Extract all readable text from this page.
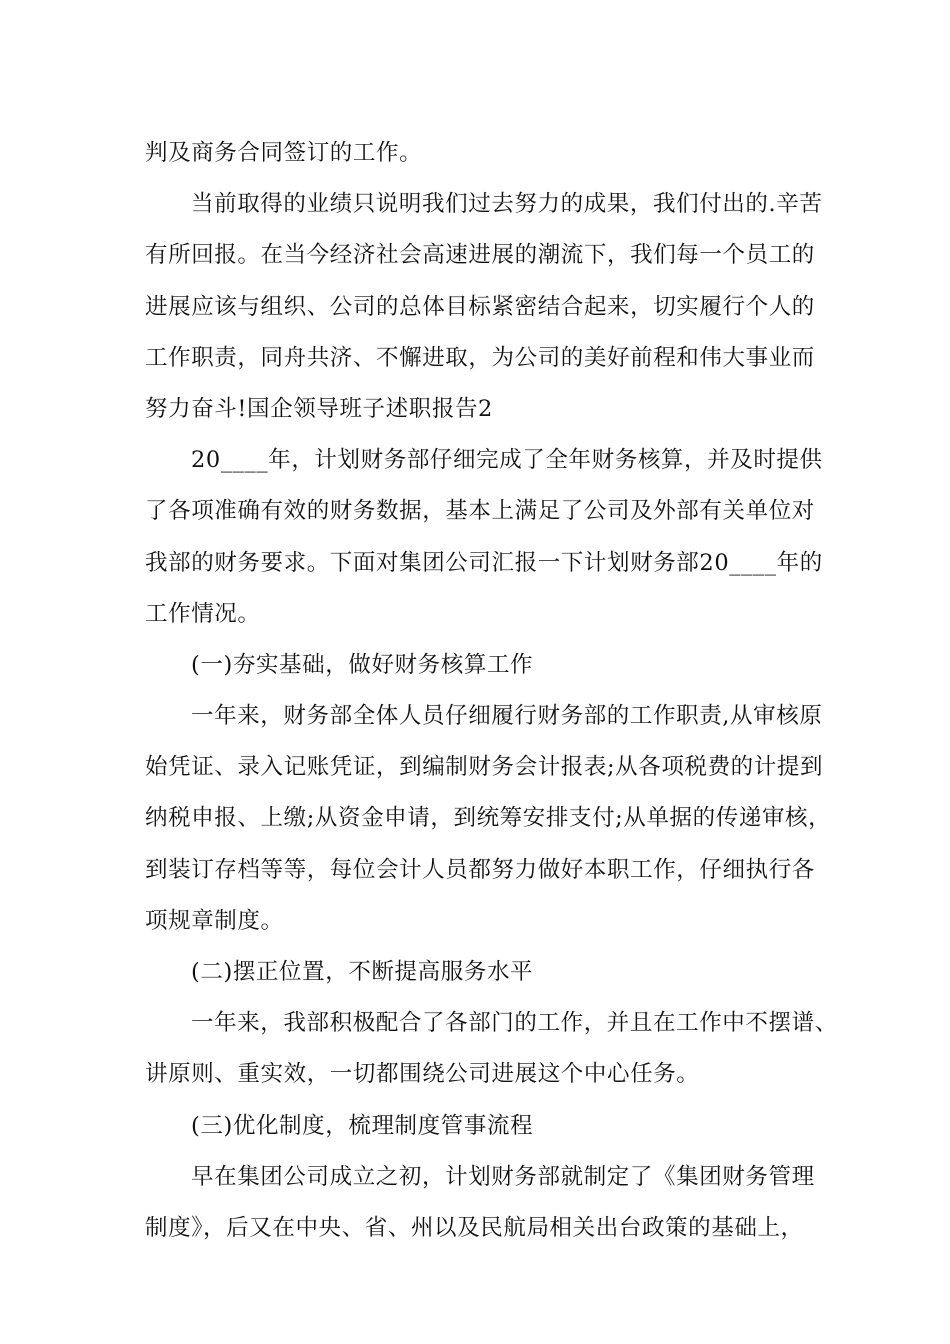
判及商务合同签订的工作。
当前取得的业绩只说明我们过去努力的成果，我们付出的.辛苦
有所回报。在当今经济社会高速进展的潮流下，我们每一个员工的
进展应该与组织、公司的总体目标紧密结合起来，切实履行个人的
工作职责，同舟共济、不懈进取，为公司的美好前程和伟大事业而
努力奋斗!国企领导班子述职报告2
20____年，计划财务部仔细完成了全年财务核算，并及时提供
了各项准确有效的财务数据，基本上满足了公司及外部有关单位对
我部的财务要求。下面对集团公司汇报一下计划财务部20____年的
工作情况。
(一)夯实基础，做好财务核算工作
一年来，财务部全体人员仔细履行财务部的工作职责,从审核原
始凭证、录入记账凭证，到编制财务会计报表;从各项税费的计提到
纳税申报、上缴;从资金申请，到统筹安排支付;从单据的传递审核，
到装订存档等等，每位会计人员都努力做好本职工作，仔细执行各
项规章制度。
(二)摆正位置，不断提高服务水平
一年来，我部积极配合了各部门的工作，并且在工作中不摆谱、
讲原则、重实效，一切都围绕公司进展这个中心任务。
(三)优化制度，梳理制度管事流程
早在集团公司成立之初，计划财务部就制定了《集团财务管理
制度》，后又在中央、省、州以及民航局相关出台政策的基础上，
